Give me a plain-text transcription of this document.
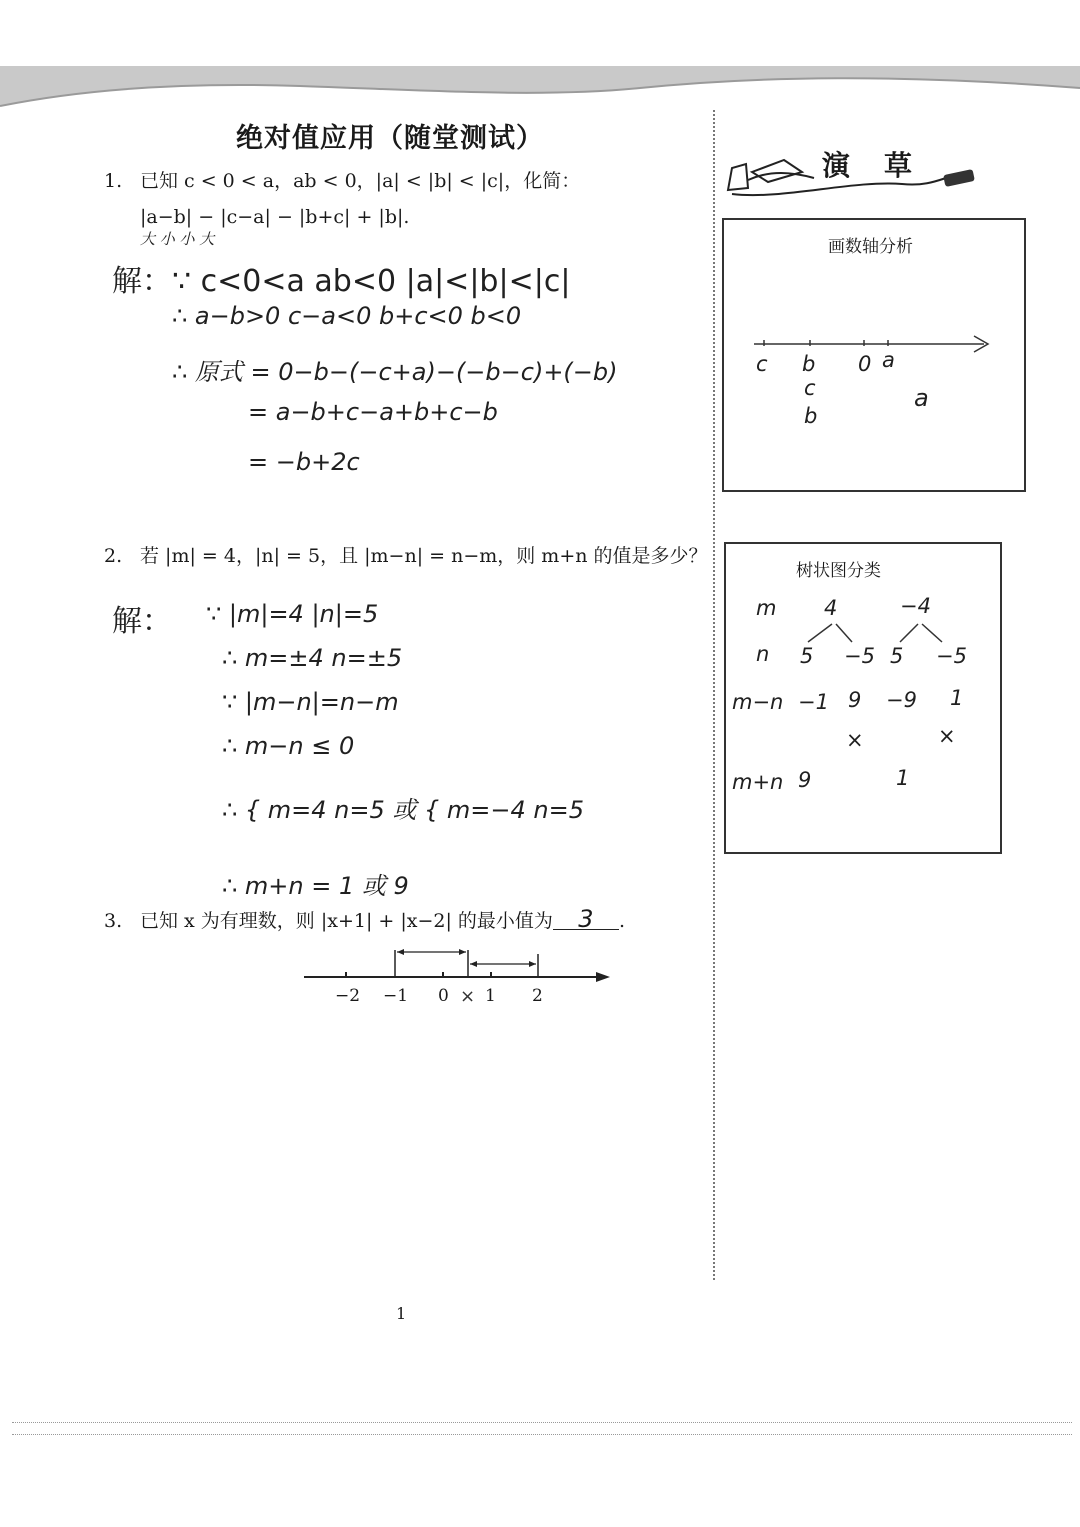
绝对值应用（随堂测试）
1. 已知 c < 0 < a，ab < 0，|a| < |b| < |c|，化简：
|a−b| − |c−a| − |b+c| + |b|.
大 小 小 大
解：∵ c<0<a ab<0 |a|<|b|<|c|
∴ a−b>0 c−a<0 b+c<0 b<0
∴ 原式 = 0−b−(−c+a)−(−b−c)+(−b)
= a−b+c−a+b+c−b
= −b+2c
2. 若 |m| = 4，|n| = 5，且 |m−n| = n−m，则 m+n 的值是多少？
解： ∵ |m|=4 |n|=5
∴ m=±4 n=±5
∵ |m−n|=n−m
∴ m−n ≤ 0
∴ { m=4 n=5 或 { m=−4 n=5
∴ m+n = 1 或 9
3. 已知 x 为有理数，则 |x+1| + |x−2| 的最小值为 3 .
×
−2 −1 0 1 2
演草
画数轴分析
c b 0 a
c
b
a
树状图分类
m 4	−4
n 5 −5 5 −5
m−n −1 9 −9 1
×	×
m+n 9	1
1
